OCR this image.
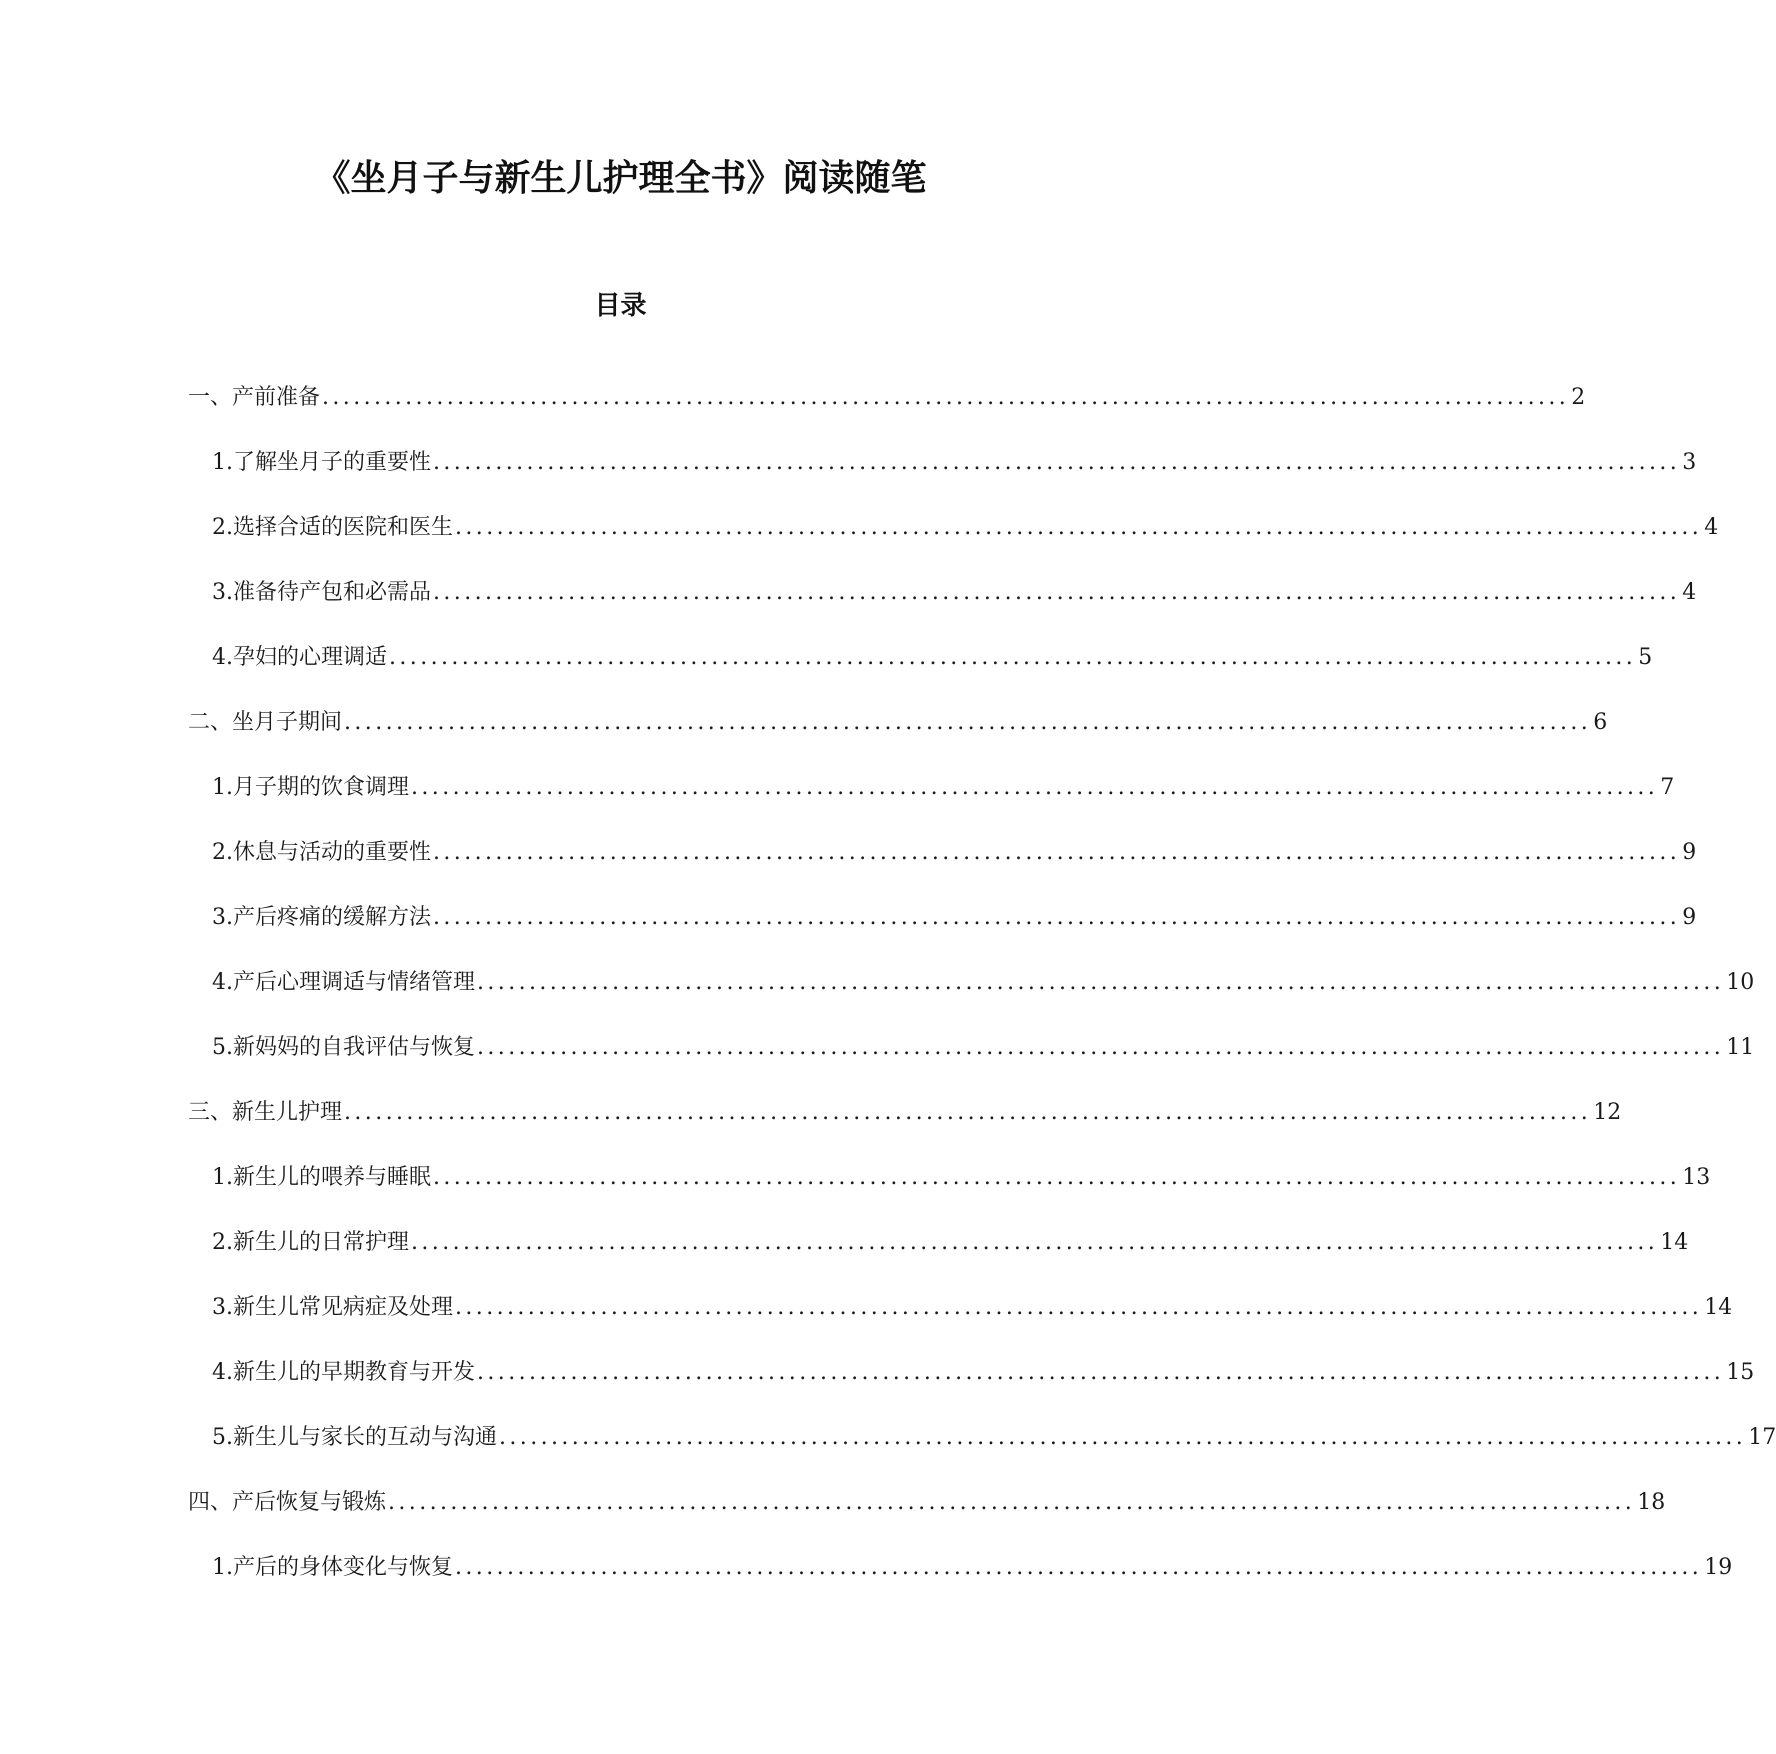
《坐月子与新生儿护理全书》阅读随笔
目录
一、产前准备 ........................................................................................................................ 2
1. 了解坐月子的重要性 ........................................................................................................................ 3
2. 选择合适的医院和医生 ........................................................................................................................ 4
3. 准备待产包和必需品 ........................................................................................................................ 4
4. 孕妇的心理调适 ........................................................................................................................ 5
二、坐月子期间 ........................................................................................................................ 6
1. 月子期的饮食调理 ........................................................................................................................ 7
2. 休息与活动的重要性 ........................................................................................................................ 9
3. 产后疼痛的缓解方法 ........................................................................................................................ 9
4. 产后心理调适与情绪管理 ........................................................................................................................ 10
5. 新妈妈的自我评估与恢复 ........................................................................................................................ 11
三、新生儿护理 ........................................................................................................................ 12
1. 新生儿的喂养与睡眠 ........................................................................................................................ 13
2. 新生儿的日常护理 ........................................................................................................................ 14
3. 新生儿常见病症及处理 ........................................................................................................................ 14
4. 新生儿的早期教育与开发 ........................................................................................................................ 15
5. 新生儿与家长的互动与沟通 ........................................................................................................................ 17
四、产后恢复与锻炼 ........................................................................................................................ 18
1. 产后的身体变化与恢复 ........................................................................................................................ 19
